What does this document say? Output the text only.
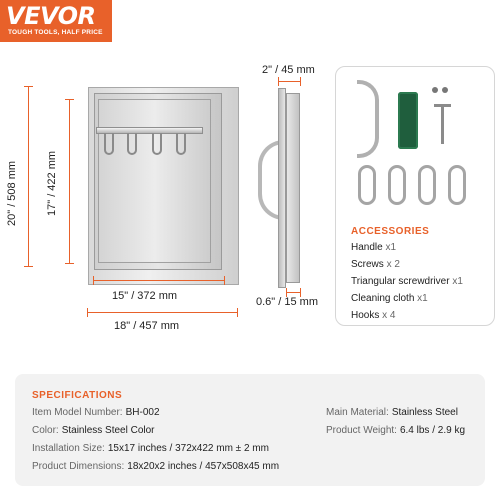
VEVOR
TOUGH TOOLS, HALF PRICE
20" / 508 mm	17" / 422 mm
15" / 372 mm
18" / 457 mm
2" / 45 mm
0.6" / 15 mm
ACCESSORIES
Handle x1
Screws x 2
Triangular screwdriver x1
Cleaning cloth x1
Hooks x 4
SPECIFICATIONS
Item Model Number: BH-002
Color: Stainless Steel Color
Installation Size: 15x17 inches / 372x422 mm ± 2 mm
Product Dimensions: 18x20x2 inches / 457x508x45 mm
Main Material: Stainless Steel
Product Weight: 6.4 lbs / 2.9 kg
